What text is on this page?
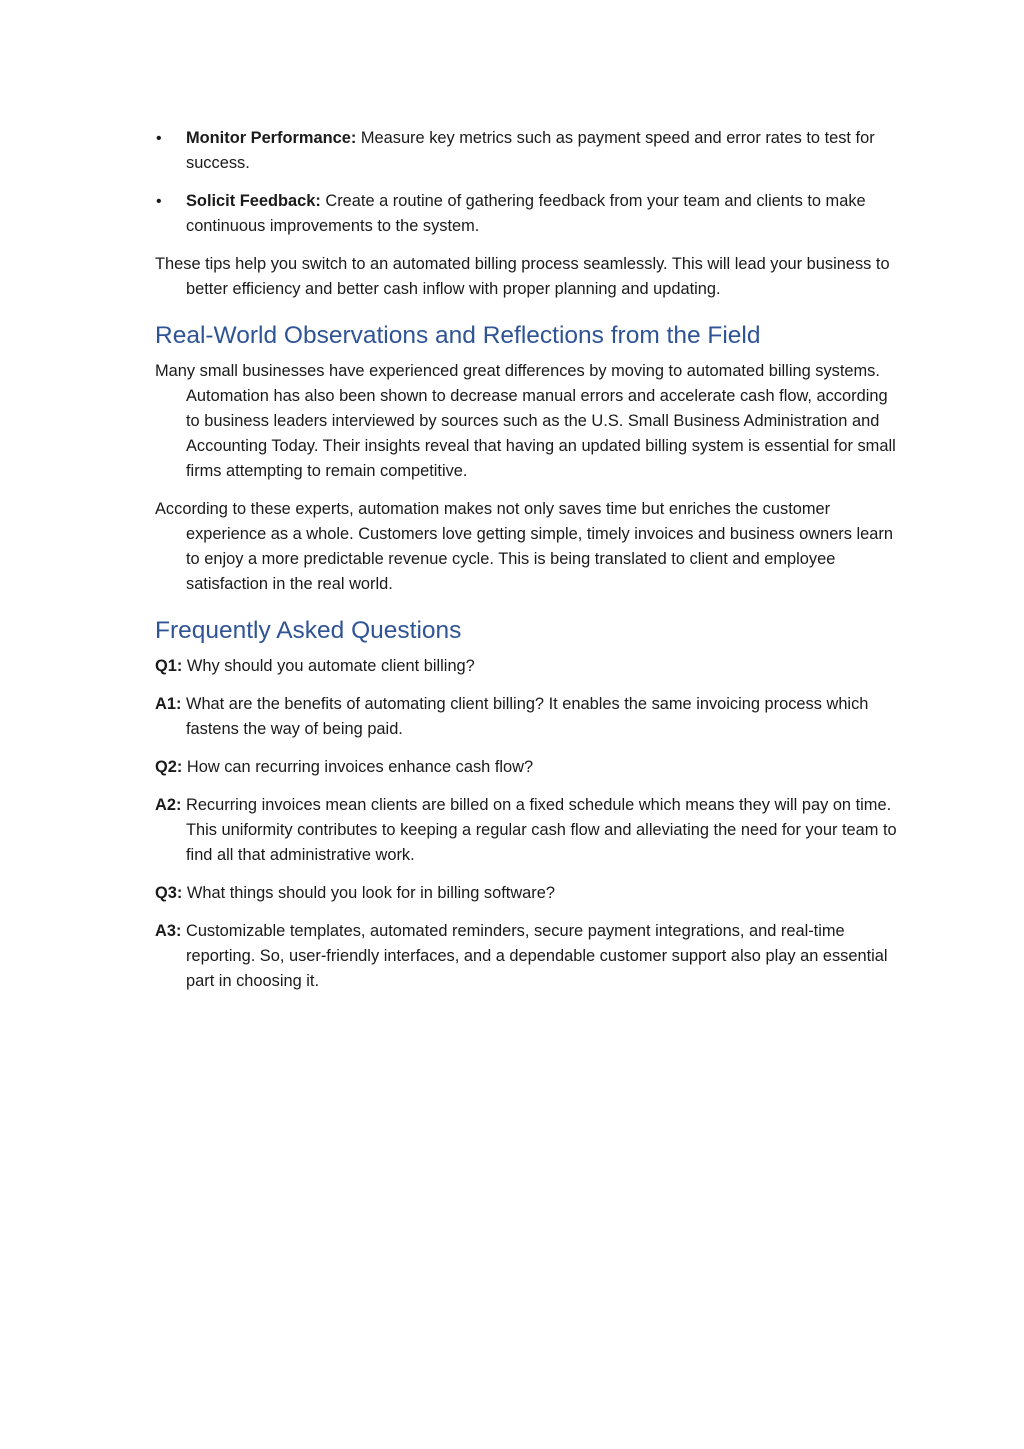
• Monitor Performance: Measure key metrics such as payment speed and error rates to test for success.
• Solicit Feedback: Create a routine of gathering feedback from your team and clients to make continuous improvements to the system.

These tips help you switch to an automated billing process seamlessly. This will lead your business to better efficiency and better cash inflow with proper planning and updating.

Real-World Observations and Reflections from the Field

Many small businesses have experienced great differences by moving to automated billing systems. Automation has also been shown to decrease manual errors and accelerate cash flow, according to business leaders interviewed by sources such as the U.S. Small Business Administration and Accounting Today. Their insights reveal that having an updated billing system is essential for small firms attempting to remain competitive.

According to these experts, automation makes not only saves time but enriches the customer experience as a whole. Customers love getting simple, timely invoices and business owners learn to enjoy a more predictable revenue cycle. This is being translated to client and employee satisfaction in the real world.

Frequently Asked Questions

Q1: Why should you automate client billing?

A1: What are the benefits of automating client billing? It enables the same invoicing process which fastens the way of being paid.

Q2: How can recurring invoices enhance cash flow?

A2: Recurring invoices mean clients are billed on a fixed schedule which means they will pay on time. This uniformity contributes to keeping a regular cash flow and alleviating the need for your team to find all that administrative work.

Q3: What things should you look for in billing software?

A3: Customizable templates, automated reminders, secure payment integrations, and real-time reporting. So, user-friendly interfaces, and a dependable customer support also play an essential part in choosing it.
